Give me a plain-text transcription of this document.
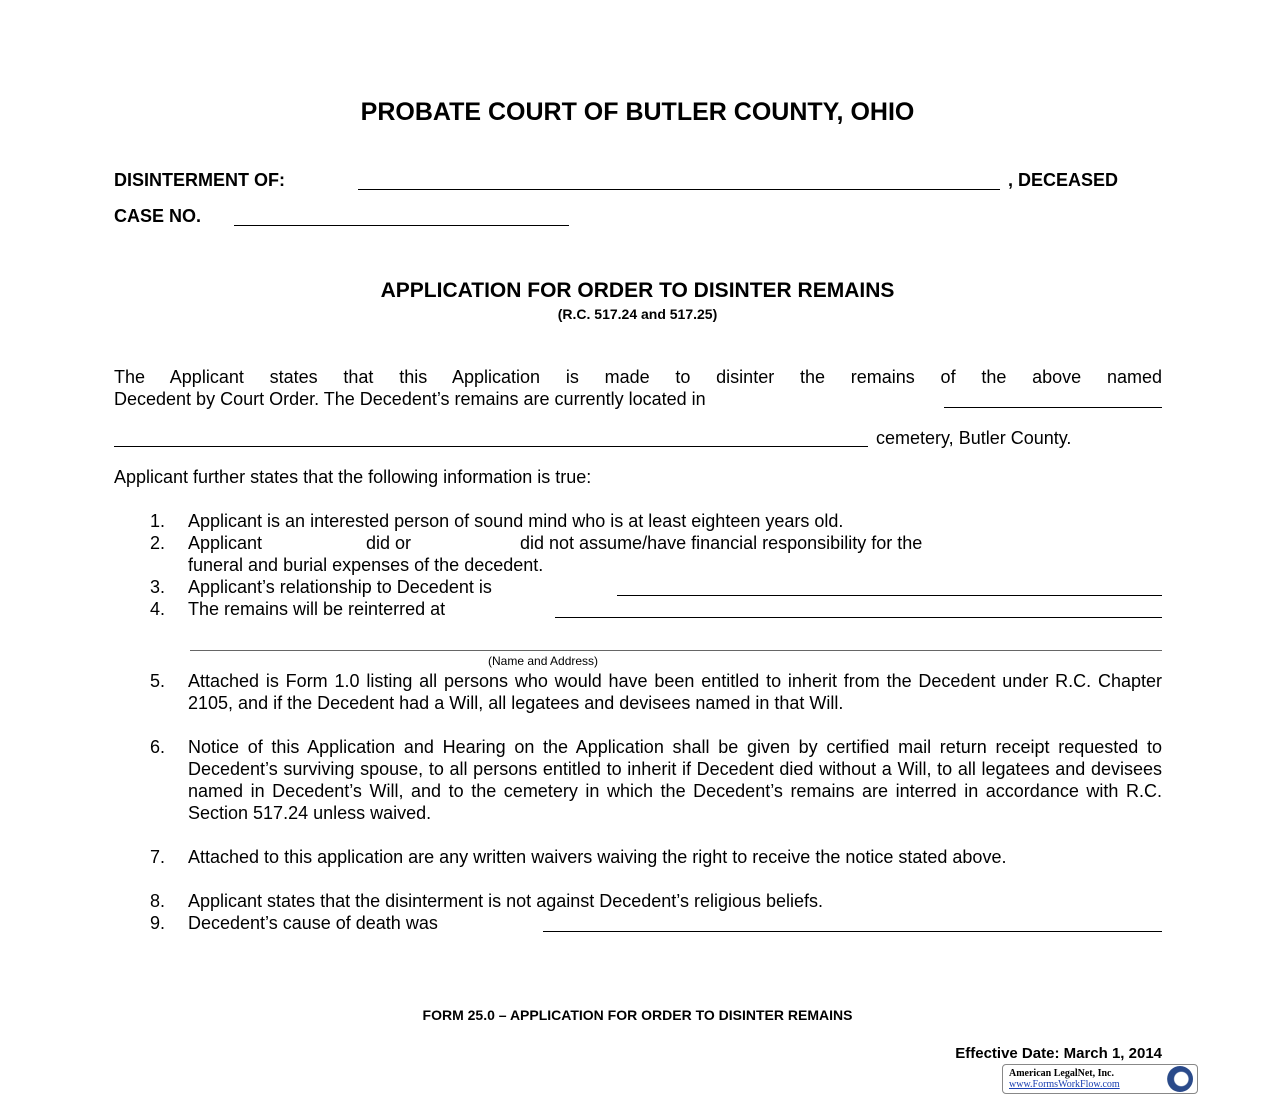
PROBATE COURT OF BUTLER COUNTY, OHIO
DISINTERMENT OF:	, DECEASED
CASE NO.
APPLICATION FOR ORDER TO DISINTER REMAINS
(R.C. 517.24 and 517.25)
The Applicant states that this Application is made to disinter the remains of the above named
Decedent by Court Order. The Decedent’s remains are currently located in
cemetery, Butler County.
Applicant further states that the following information is true:
1. Applicant is an interested person of sound mind who is at least eighteen years old.
2. Applicant	did or	did not assume/have financial responsibility for the
funeral and burial expenses of the decedent.
3. Applicant’s relationship to Decedent is
4. The remains will be reinterred at
(Name and Address)
5. Attached is Form 1.0 listing all persons who would have been entitled to inherit from the Decedent under R.C. Chapter 2105, and if the Decedent had a Will, all legatees and devisees named in that Will.
6. Notice of this Application and Hearing on the Application shall be given by certified mail return receipt requested to Decedent’s surviving spouse, to all persons entitled to inherit if Decedent died without a Will, to all legatees and devisees named in Decedent’s Will, and to the cemetery in which the Decedent’s remains are interred in accordance with R.C. Section 517.24 unless waived.
7. Attached to this application are any written waivers waiving the right to receive the notice stated above.
8. Applicant states that the disinterment is not against Decedent’s religious beliefs.
9. Decedent’s cause of death was
FORM 25.0 – APPLICATION FOR ORDER TO DISINTER REMAINS
Effective Date: March 1, 2014
American LegalNet, Inc.
www.FormsWorkFlow.com
